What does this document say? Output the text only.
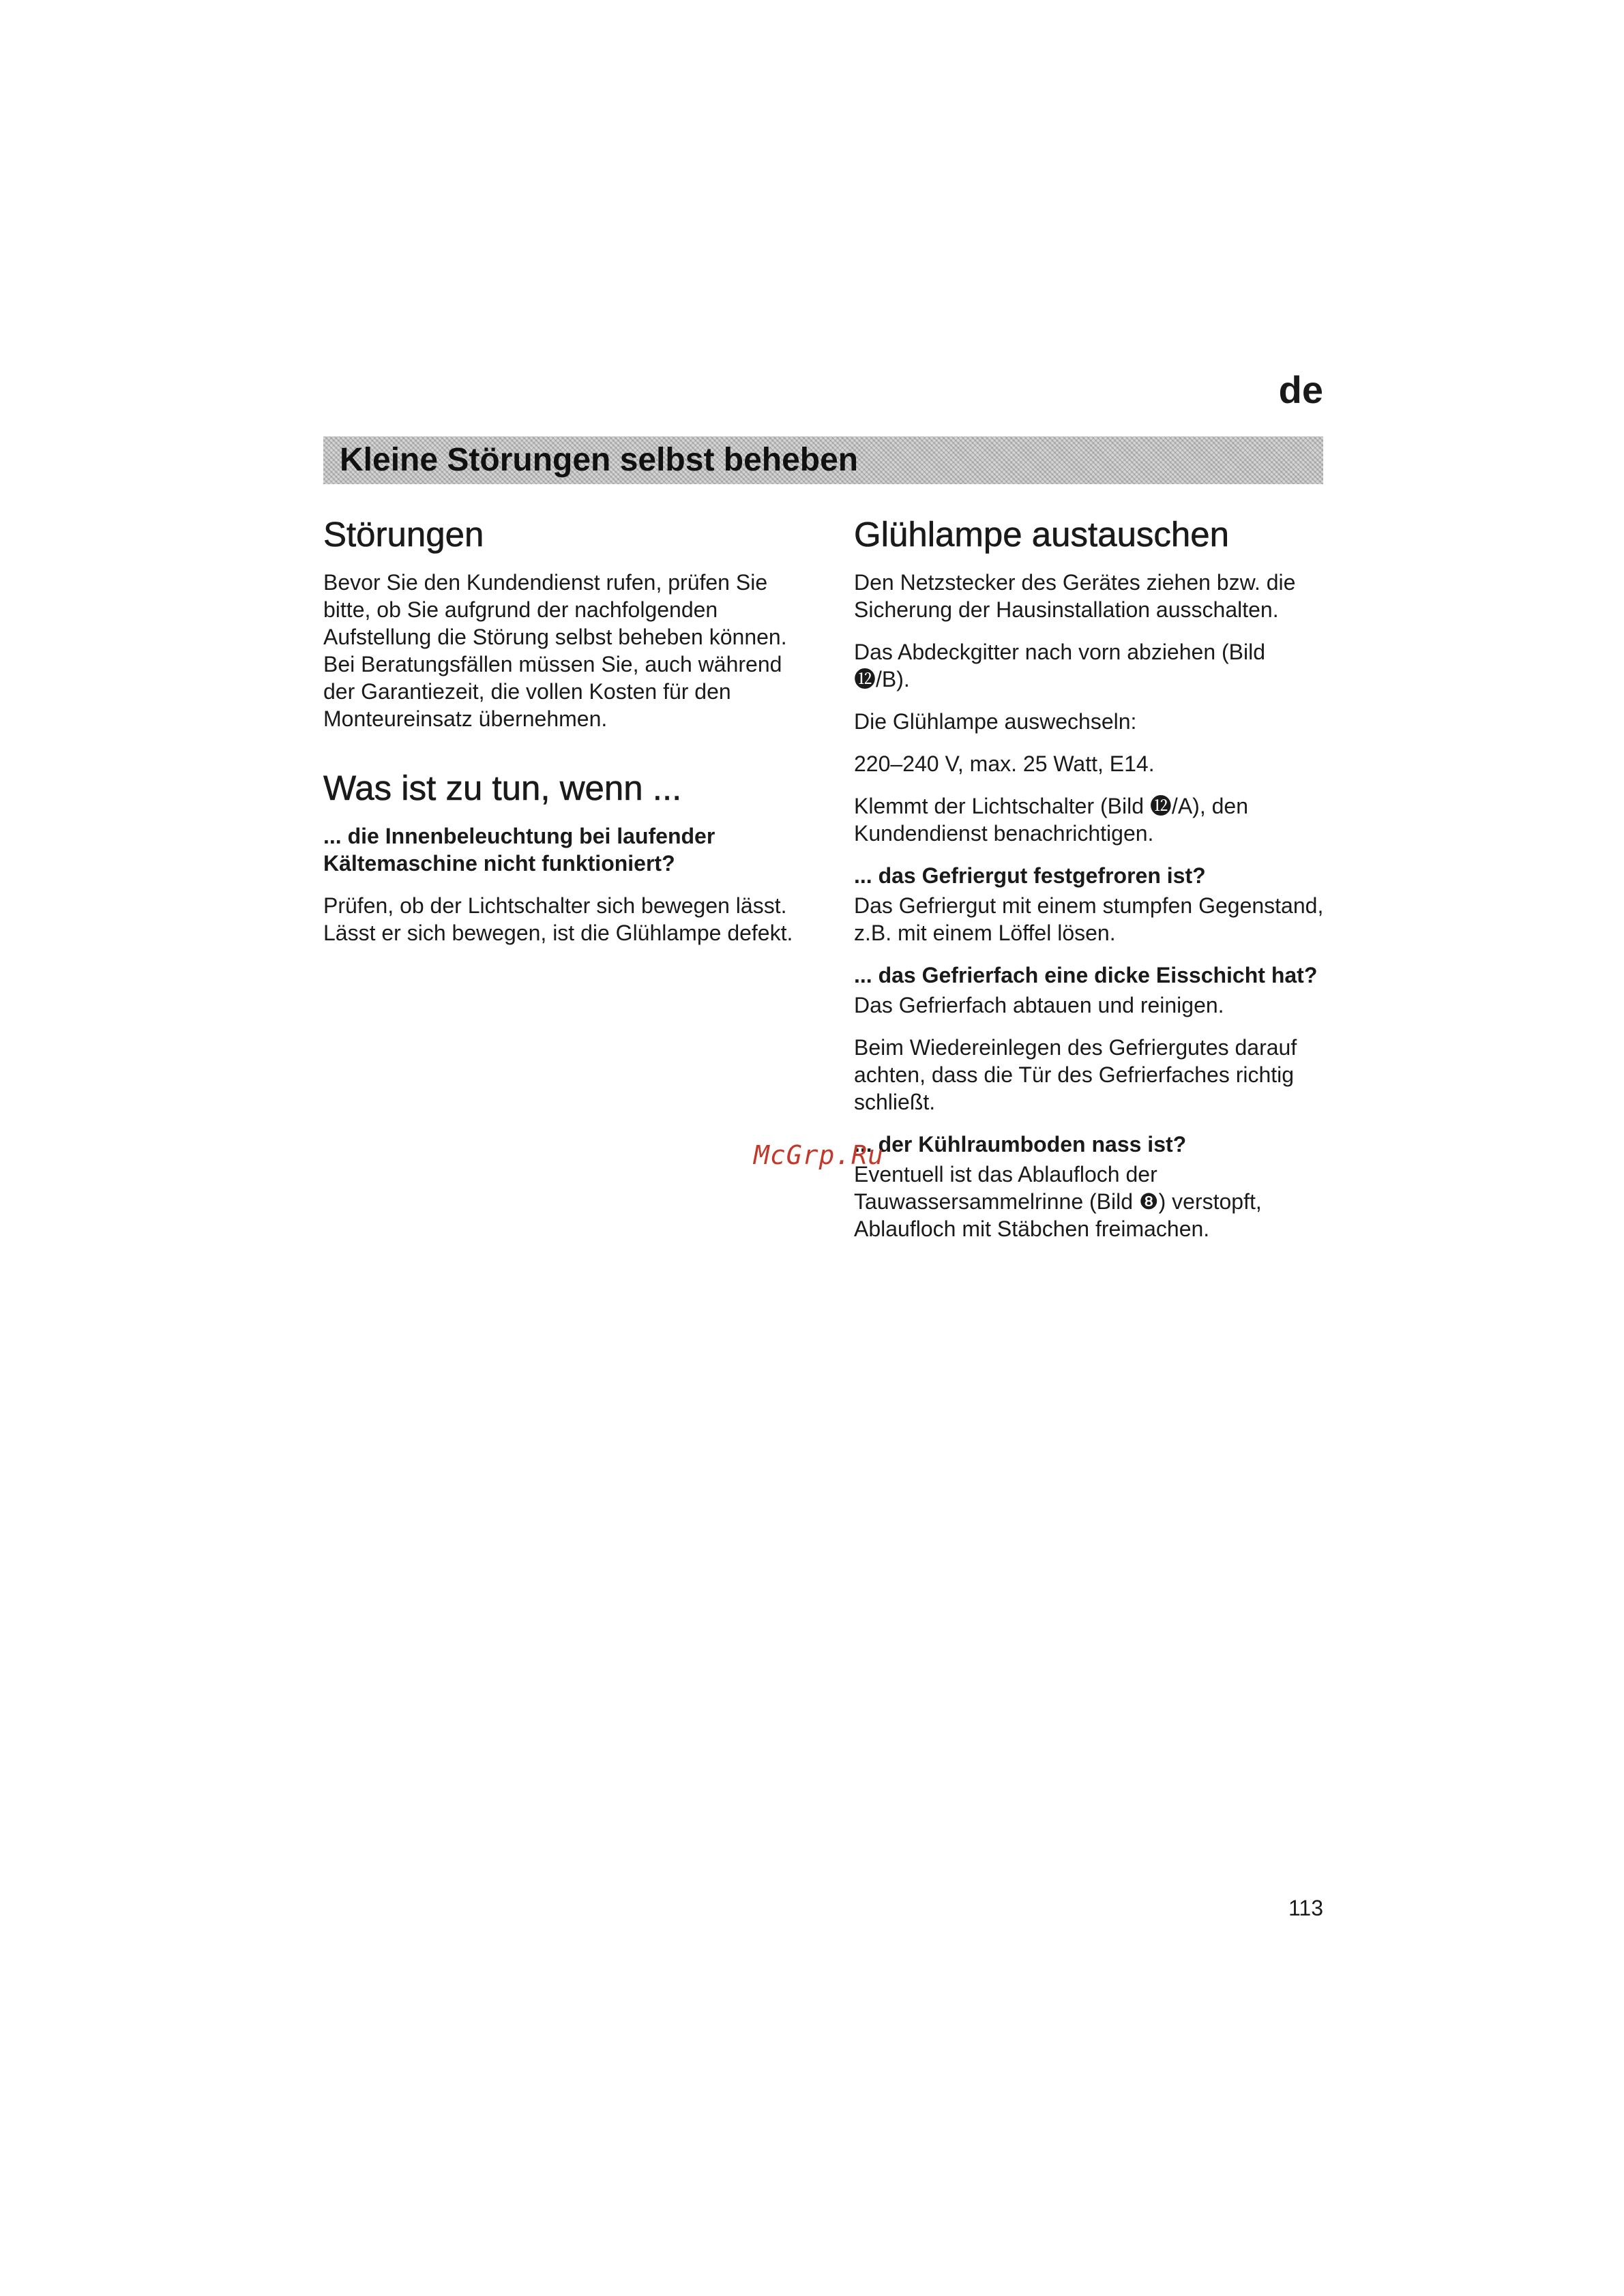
de
Kleine Störungen selbst beheben
Störungen

Bevor Sie den Kundendienst rufen, prüfen Sie bitte, ob Sie aufgrund der nachfolgenden Aufstellung die Störung selbst beheben können. Bei Beratungsfällen müssen Sie, auch während der Garantiezeit, die vollen Kosten für den Monteureinsatz übernehmen.

Was ist zu tun, wenn ...
... die Innenbeleuchtung bei laufender Kältemaschine nicht funktioniert?

Prüfen, ob der Lichtschalter sich bewegen lässt. Lässt er sich bewegen, ist die Glühlampe defekt.

Glühlampe austauschen

Den Netzstecker des Gerätes ziehen bzw. die Sicherung der Hausinstallation ausschalten.

Das Abdeckgitter nach vorn abziehen (Bild ⓬/B).

Die Glühlampe auswechseln:

220–240 V, max. 25 Watt, E14.

Klemmt der Lichtschalter (Bild ⓬/A), den Kundendienst benachrichtigen.

... das Gefriergut festgefroren ist?

Das Gefriergut mit einem stumpfen Gegenstand, z.B. mit einem Löffel lösen.

... das Gefrierfach eine dicke Eisschicht hat?

Das Gefrierfach abtauen und reinigen.

Beim Wiedereinlegen des Gefriergutes darauf achten, dass die Tür des Gefrierfaches richtig schließt.

... der Kühlraumboden nass ist?

Eventuell ist das Ablaufloch der Tauwassersammelrinne (Bild ❽) verstopft, Ablaufloch mit Stäbchen freimachen.

McGrp.Ru
113
